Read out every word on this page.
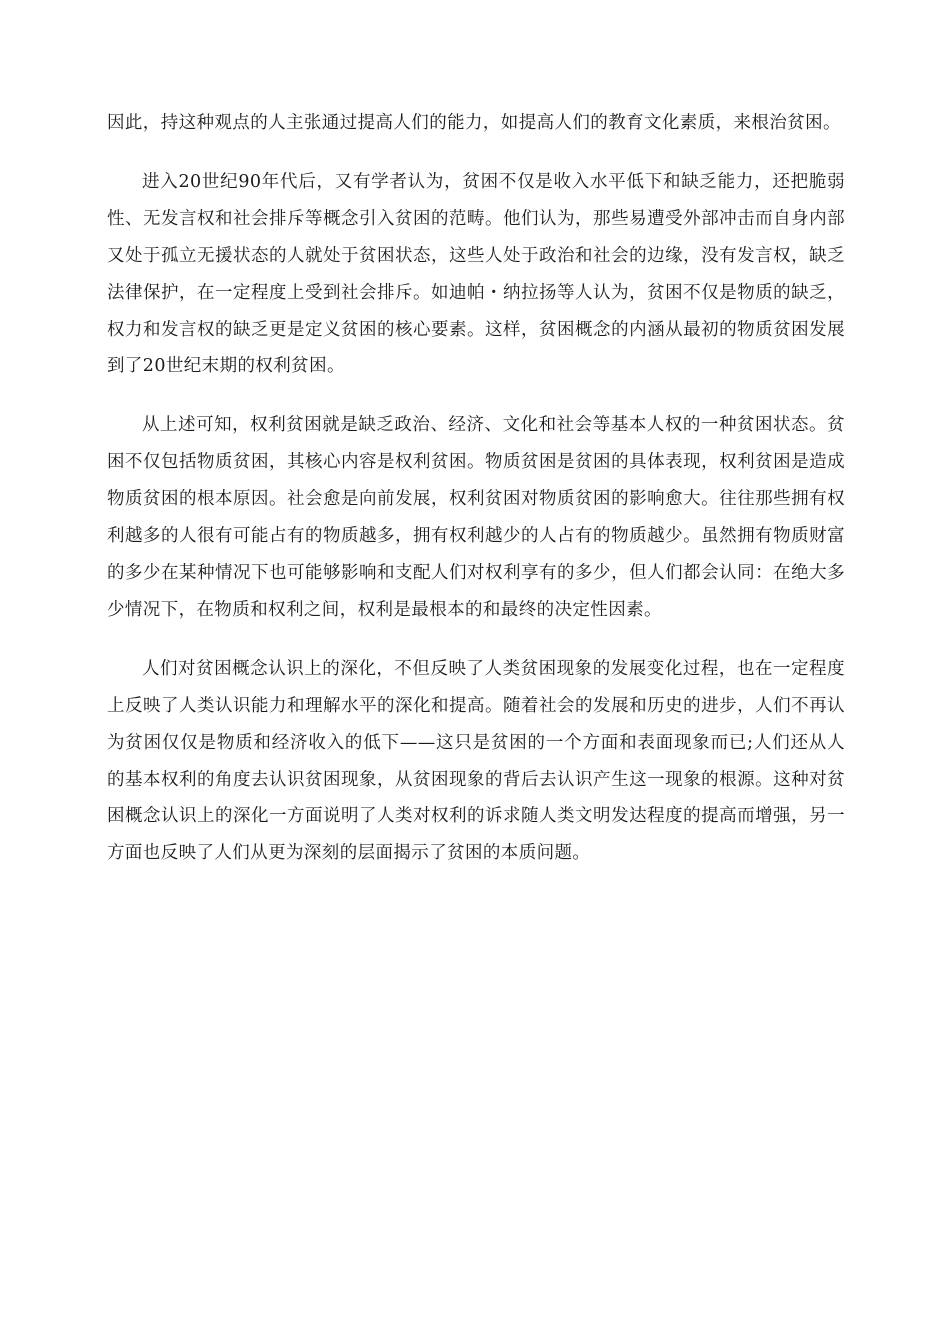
因此，持这种观点的人主张通过提高人们的能力，如提高人们的教育文化素质，来根治贫困。

进入20世纪90年代后，又有学者认为，贫困不仅是收入水平低下和缺乏能力，还把脆弱性、无发言权和社会排斥等概念引入贫困的范畴。他们认为，那些易遭受外部冲击而自身内部又处于孤立无援状态的人就处于贫困状态，这些人处于政治和社会的边缘，没有发言权，缺乏法律保护，在一定程度上受到社会排斥。如迪帕・纳拉扬等人认为，贫困不仅是物质的缺乏，权力和发言权的缺乏更是定义贫困的核心要素。这样，贫困概念的内涵从最初的物质贫困发展到了20世纪末期的权利贫困。

从上述可知，权利贫困就是缺乏政治、经济、文化和社会等基本人权的一种贫困状态。贫困不仅包括物质贫困，其核心内容是权利贫困。物质贫困是贫困的具体表现，权利贫困是造成物质贫困的根本原因。社会愈是向前发展，权利贫困对物质贫困的影响愈大。往往那些拥有权利越多的人很有可能占有的物质越多，拥有权利越少的人占有的物质越少。虽然拥有物质财富的多少在某种情况下也可能够影响和支配人们对权利享有的多少，但人们都会认同：在绝大多少情况下，在物质和权利之间，权利是最根本的和最终的决定性因素。

人们对贫困概念认识上的深化，不但反映了人类贫困现象的发展变化过程，也在一定程度上反映了人类认识能力和理解水平的深化和提高。随着社会的发展和历史的进步，人们不再认为贫困仅仅是物质和经济收入的低下——这只是贫困的一个方面和表面现象而已;人们还从人的基本权利的角度去认识贫困现象，从贫困现象的背后去认识产生这一现象的根源。这种对贫困概念认识上的深化一方面说明了人类对权利的诉求随人类文明发达程度的提高而增强，另一方面也反映了人们从更为深刻的层面揭示了贫困的本质问题。
